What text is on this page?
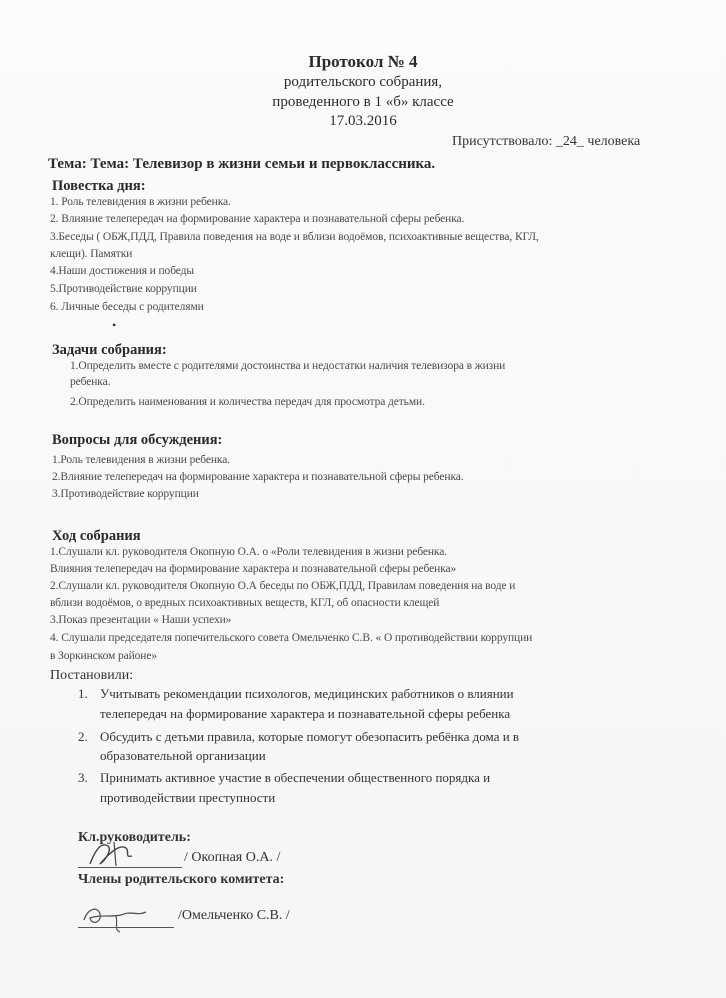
Протокол № 4
родительского собрания,
проведенного в 1 «б» классе
17.03.2016
Присутствовало: _24_ человека
Тема: Тема: Телевизор в жизни семьи и первоклассника.
Повестка дня:
1. Роль телевидения в жизни ребенка.
2. Влияние телепередач на формирование характера и познавательной сферы ребенка.
3.Беседы ( ОБЖ,ПДД, Правила поведения на воде и вблизи водоёмов, психоактивные вещества, КГЛ,
клещи). Памятки
4.Наши достижения и победы
5.Противодействие коррупции
6. Личные беседы с родителями
•
Задачи собрания:
1.Определить вместе с родителями достоинства и недостатки наличия телевизора в жизни
ребенка.
2.Определить наименования и количества передач для просмотра детьми.
Вопросы для обсуждения:
1.Роль телевидения в жизни ребенка.
2.Влияние телепередач на формирование характера и познавательной сферы ребенка.
3.Противодействие коррупции
Ход собрания
1.Слушали кл. руководителя Окопную О.А. о «Роли телевидения в жизни ребенка.
Влияния телепередач на формирование характера и познавательной сферы ребенка»
2.Слушали кл. руководителя Окопную О.А беседы по ОБЖ,ПДД, Правилам поведения на воде и
вблизи водоёмов, о вредных психоактивных веществ, КГЛ, об опасности клещей
3.Показ презентации « Наши успехи»
4. Слушали председателя попечительского совета Омельченко С.В. « О противодействии коррупции
в Зоркинском районе»
Постановили:
1. Учитывать рекомендации психологов, медицинских работников о влиянии
телепередач на формирование характера и познавательной сферы ребенка
2. Обсудить с детьми правила, которые помогут обезопасить ребёнка дома и в
образовательной организации
3. Принимать активное участие в обеспечении общественного порядка и
противодействии преступности
Кл.руководитель:
/ Окопная О.А. /
Члены родительского комитета:
/Омельченко С.В. /
